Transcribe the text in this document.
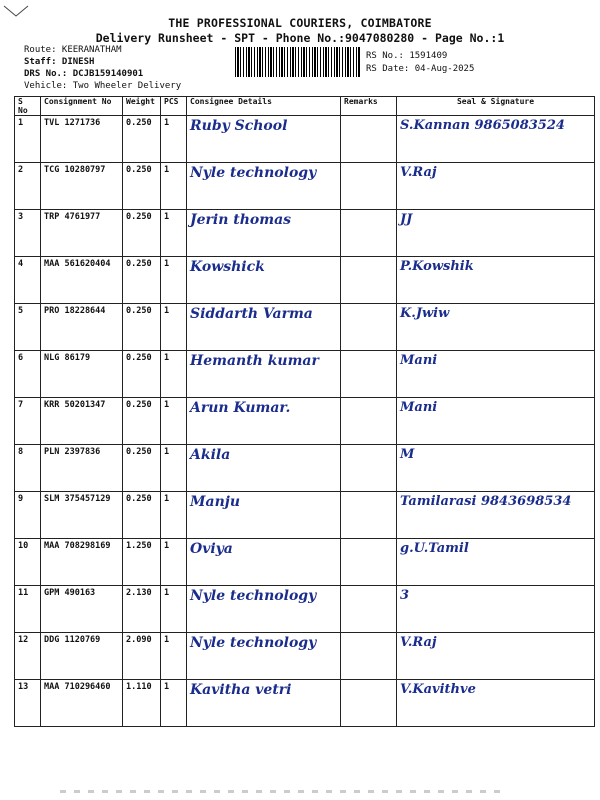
THE PROFESSIONAL COURIERS, COIMBATORE
Delivery Runsheet - SPT - Phone No.:9047080280 - Page No.:1
Route: KEERANATHAM
Staff: DINESH
DRS No.: DCJB159140901
Vehicle: Two Wheeler Delivery
RS No.: 1591409
RS Date: 04-Aug-2025
S No	Consignment No	Weight	PCS	Consignee Details	Remarks	Seal & Signature
1	TVL 1271736	0.250	1	Ruby School		S.Kannan 9865083524
2	TCG 10280797	0.250	1	Nyle technology		V.Raj
3	TRP 4761977	0.250	1	Jerin thomas		JJ
4	MAA 561620404	0.250	1	Kowshick		P.Kowshik
5	PRO 18228644	0.250	1	Siddarth Varma		K.Jwiw
6	NLG 86179	0.250	1	Hemanth kumar		Mani
7	KRR 50201347	0.250	1	Arun Kumar.		Mani
8	PLN 2397836	0.250	1	Akila		M
9	SLM 375457129	0.250	1	Manju		Tamilarasi 9843698534
10	MAA 708298169	1.250	1	Oviya		g.U.Tamil
11	GPM 490163	2.130	1	Nyle technology		3
12	DDG 1120769	2.090	1	Nyle technology		V.Raj
13	MAA 710296460	1.110	1	Kavitha vetri		V.Kavithve
